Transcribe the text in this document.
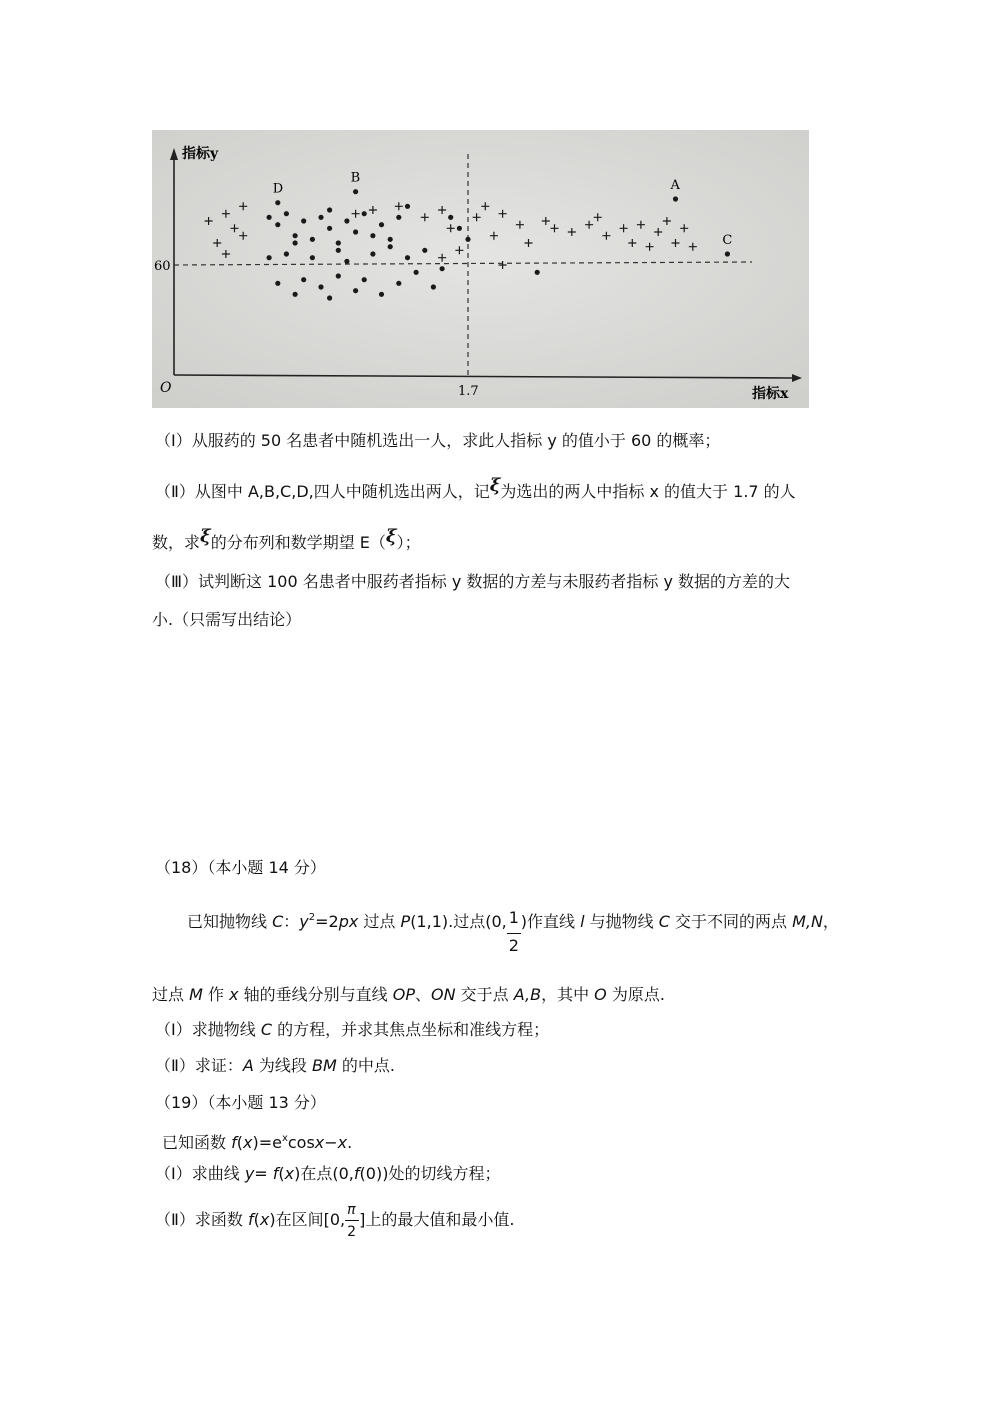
指标y
O	1.7
60
指标x
A
B
C
D
（Ⅰ）从服药的 50 名患者中随机选出一人，求此人指标 y 的值小于 60 的概率；
（Ⅱ）从图中 A,B,C,D,四人中随机选出两人，记ξ为选出的两人中指标 x 的值大于 1.7 的人
数，求ξ的分布列和数学期望 E（ξ）；
（Ⅲ）试判断这 100 名患者中服药者指标 y 数据的方差与未服药者指标 y 数据的方差的大
小.（只需写出结论）
（18）（本小题 14 分）
已知抛物线 C：$y^2=2px$ 过点 P(1,1).过点(0, $\frac{1}{2}$ )作直线 l 与抛物线 C 交于不同的两点 M,N，
过点 M 作 x 轴的垂线分别与直线 OP、ON 交于点 A,B，其中 O 为原点.
（Ⅰ）求抛物线 C 的方程，并求其焦点坐标和准线方程；
（Ⅱ）求证：A 为线段 BM 的中点.
（19）（本小题 13 分）
已知函数 $f(x)=e^x\cos x-x$.
（Ⅰ）求曲线 y= f(x)在点(0,f(0))处的切线方程；
（Ⅱ）求函数 f(x)在区间[0, $\frac{\pi}{2}$ ]上的最大值和最小值.
